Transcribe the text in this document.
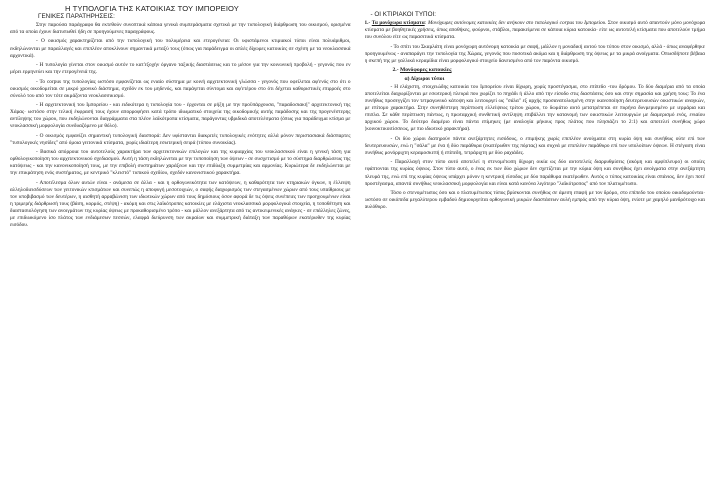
Η ΤΥΠΟΛΟΓΙΑ ΤΗΣ ΚΑΤΟΙΚΙΑΣ ΤΟΥ ΙΜΠΟΡΕΙΟΥ
ΓΕΝΙΚΕΣ ΠΑΡΑΤΗΡΗΣΕΙΣ:

Στην παρούσα παράγραφο θα εκτεθούν συνοπτικά κάποια γενικά συμπεράσματα σχετικά με την τυπολογική διάρθρωση του οικισμού, ορισμένα από τα οποία έχουν διατυπωθεί ήδη σε προηγούμενες παραγράφους.

- Ο οικισμός χαρακτηρίζεται από την τυπολογική του πολυμέρεια και ετερογένεια: Οι υφιστάμενοι κτιριακοί τύποι είναι πολυάριθμοι, εκδηλώνονται με παραλλαγές και επιπλέον αποκλίνουν σημαντικά μεταξύ τους (όπως για παράδειγμα οι απλές δίχωρες κατοικίες σε σχέση με τα νεοκλασσικά αρχοντικά).

- Η τυπολογία γίνεται στον οικισμό αυτόν το κατ'εξοχήν όργανο ταξικής διαστάσεως και το μέσον για την κοινωνική προβολή - γεγονός που εν μέρει ερμηνεύει και την ετερογένειά της.

- Το corpus της τυπολογίας ωστόσο εμφανίζεται ως ενιαίο σύστημα με κοινή αρχιτεκτονική γλώσσα - γεγονός που οφείλεται αφ'ενός στο ότι ο οικισμός οικοδομείται σε μικρό χρονικό διάστημα, σχεδόν εκ του μηδενός, και παράγεται σύντομα και αφ'ετέρου στο ότι δέχεται καθοριστικές επιρροές στο σύνολό του από τον τότε ακμάζοντα νεοκλασσικισμό.

- Η αρχιτεκτονική του Ιμπορείου - και ειδικότερα η τυπολογία του - έρχονται σε ρήξη με την προϋπάρχουσα, "παραδοσιακή" αρχιτεκτονική της Χάρας· ωστόσο στην τελική έκφρασή τους έχουν απορροφήσει κατά τρόπο ιδιωματικό στοιχεία της οικοδομικής αυτής παράδοσης και της προγενέστερης αντίληψης του χώρου, που εκδηλώνονται διαγράμματα στα πλέον λαϊκότροπα κτίσματα, παράγοντας υβριδικά αποτελέσματα (όπως για παράδειγμα κτίσμα με νεοκλασσική μορφολογία συνδυαζόμενο με θόλο).

- Ο οικισμός εμφανίζει σημαντική τυπολογική διασπορά: Δεν υφίστανται διακριτές τυπολογικές ενότητες αλλά μόνον περιστασιακά διάσπαρτες "τυπολογικές νησίδες" από όμοια γειτονικά κτίσματα, χωρίς ιδιαίτερη εσωτερική σειρά (τύπου συνοικίας).

- Βασικά απόρροια του αυτοτελούς χαρακτήρα των αρχιτεκτονικών επιλογών και της κυριαρχίας του νεοκλασσικού είναι η γενική τάση για ορθολογικοποίηση του αρχιτεκτονικού σχεδιασμού. Αυτή η τάση εκδηλώνεται με την τυποποίηση των όψεων - σε συσχετισμό με το σύστημα διαρθρώσεως της κατόψεως - και την κανονικοποίησή τους, με την επιβολή συστημάτων χαράξεων και την επιδίωξη συμμετρίας και αρμονίας. Κυριώτερα δε εκδηλώνεται με την επικράτηση ενός συστήματος, με κεντρικό "κλειστό" τυπικού σχεδίου, σχεδόν κανονιστικού χαρακτήρα.

- Αποτέλεσμα όλων αυτών είναι - ανάμεσα σε άλλα - και η ορθογωνικότητα των κατόψεων, η καθαρότητα των κτηριακών όγκων, η έλλειψη αλληλοδιεισδύσεων των γειτονικών κτισμάτων και συνεπώς η αποφυγή μεσοτοιχιών, ο σαφής διαχωρισμός των στεγασμένων χώρων από τους υπαίθριους με τον υποβιβασμό των δευτέρων, η αισθητή αρραβώνιση των ιδιωτικών χώρων από τους δημόσιους όσον αφορά δε τις όψεις συνέπειες των προηγουμένων είναι η τριμερής διάρθρωσή τους (βάση, κορμός, στέψη) - ακόμη και στις λαϊκότροπες κατοικίες με ελάχιστα νεοκλασσικά μορφολογικά στοιχεία, η τοποθέτηση και διαστασιολόγηση των ανοιγμάτων της κυρίας όψεως με προκαθορισμένο τρόπο - και μάλλον ανεξάρτητα από τις αντικειμενικές ανάγκες - σε επάλληλες ζώνες, με επιδιωκόμενο ίσο πλάτος των ενδιάμεσων πεσσών, ελαφρά διεύρυνση των ακραίων και συμμετρική διάταξη των παραθύρων εκατέρωθεν της κυρίας εισόδου.

- ΟΙ ΚΤΙΡΙΑΚΟΙ ΤΥΠΟΙ:

1.- Τα μονόχωρα κτίσματα: Μονόχωρες αυτόνομες κατοικίες δεν ανήκουν στο τυπολογικό corpus του Ιμπορείου. Στον οικισμό αυτό απαντούν μόνο μονόχωρα κτίσματα με βοηθητικές χρήσεις, όπως αποθήκες, φούρνοι, στάβλοι, παρακείμενα σε κάποια κύρια κατοικία· είτε ως αυτοτελή κτίσματα που αποτελούν τμήμα του συνόλου είτε ως παρασιτικά κτίσματα.

- Το σπίτι του Σκαρλάτη είναι μονόχωρη αυτόνομη κατοικία με σαφή, μάλλον η μοναδική αυτού του τύπου στον οικισμό, αλλά - όπως αναφέρθηκε προηγουμένως - αναπαράγει την τυπολογία της Χώρας, γεγονός που ποσοτικά ακόμα και η διάρθρωση της όψεως με τα μικρά ανοίγματα. Οπωσδήποτε βέβαια η σκεπή της με γαλλικά κεραμίδια είναι μορφολογικό στοιχείο δανεισμένο από τον παρόντα οικισμό.

2.- Μονόφορες κατοικίες
α) Δίχωροι τύποι

- Η ελάχιστη, στοιχειώδης κατοικία του Ιμπορείου είναι δίχωρη, χωρίς προστέγασμα, στο επίπεδο -του δρόμου. Το δύο διαμέρια από τα οποία αποτελείται διαχωρίζονται με εσωτερική πλευρά που χωρίζει το πηγάδι ή άλλο από την είσοδο στις διαστάσεις όσο και στην σημασία και χρήση τους: Το ένα συνήθως προσεγγίζει τον τετραγωνικό κάτοψη και λειτουργεί ως "σάλα" εξ αρχής προσανατολισμένη στην ικανοποίηση δευτερευουσών οικιστικών αναγκών, με επίτομο χαρακτήρα. Στην συνηθέστερη περίπτωση ελλείψεως τρίτου χώρου, το δωμάτιο αυτό μετατρέπεται σε πυρήνα δυνμερισμένο με ιερμάρια και επιπλα. Σε κάθε περίπτωση πάντως, η πρωταρχική συνθετική αντίληψη επιβάλλει την κατανομή των οικιστικών λειτουργιών με διαμερισμό ενός, ενιαίου αρχικού χώρου. Το δεύτερο διαμέριο είναι πάντα επίμηκες (με αναλογία μήκους προς πλάτος που πλησιάζει το 2:1) και αποτελεί συνήθως χώρο (κοινοκτικοιτίσσεως, με πιο ιδιωτικό χαρακτήρα).

- Οι δύο χώροι διατηρούν πάντα ανεξάρτητες εισόδους, ο επιμήκης χωρίς επιπλέον ανοίγματα στη κυρία όψη και συνήθως ούτε επί των δευτερευουσών, ενώ η "σάλα" με ένα ή δύο παράθυρα (εκατέρωθεν της πόρτας) και συχνά με επιπλέον παράθυρο επί των υπολοίπων όψεων. Η στέγαση είναι συνήθως μονόρριχτη κεραμοσκεπή ή επίπεδη, τετράριχτη με δύο ραχιάδες.

- Παραλλαγή στον τύπο αυτό αποτελεί η στενομέτωπη δίχωρη οικία ως δύο αυτοτελείς διαρρυθμίσεις (ακόμη και αμφίπλευρο) οι οποίες εφάπτονται της κυρίας όψεως. Στον τύπο αυτό, ο ένας εκ των δύο χώρων δεν σχετίζεται με την κύρια όψη και συνήθως έχει ανοίγματα στην ανεξάρτητη πλευρά της, ενώ επί της κυρίας όψεως υπάρχει μόνον η κεντρική είσοδος με δύο παράθυρα εκατέρωθεν. Αυτός ο τύπος κατοικίας είναι σπάνιος, δεν έχει ποτέ προστέγασμα, απαντά συνήθως νεοκλασσική μορφολογία και είναι κατά κανόνα λιγότερο "λαϊκότροπος" από τον πλατυμέτωπο.

Τόσο ο στενομέτωπος όσο και ο πλατυμέτωπος τύπος βρίσκονται συνήθως σε άμεση επαφή με τον δρόμο, στο επίπεδο του οποίου οικοδομούνται· ωστόσο σε οικόπεδα μεγαλύτερου εμβαδού δημιουργείται ορθογωνική μικρών διαστάσεων αυλή εμπρός από την κύρια όψη, ενίοτε με χαμηλό μανδρότοιχο και αυλόθυρο.
